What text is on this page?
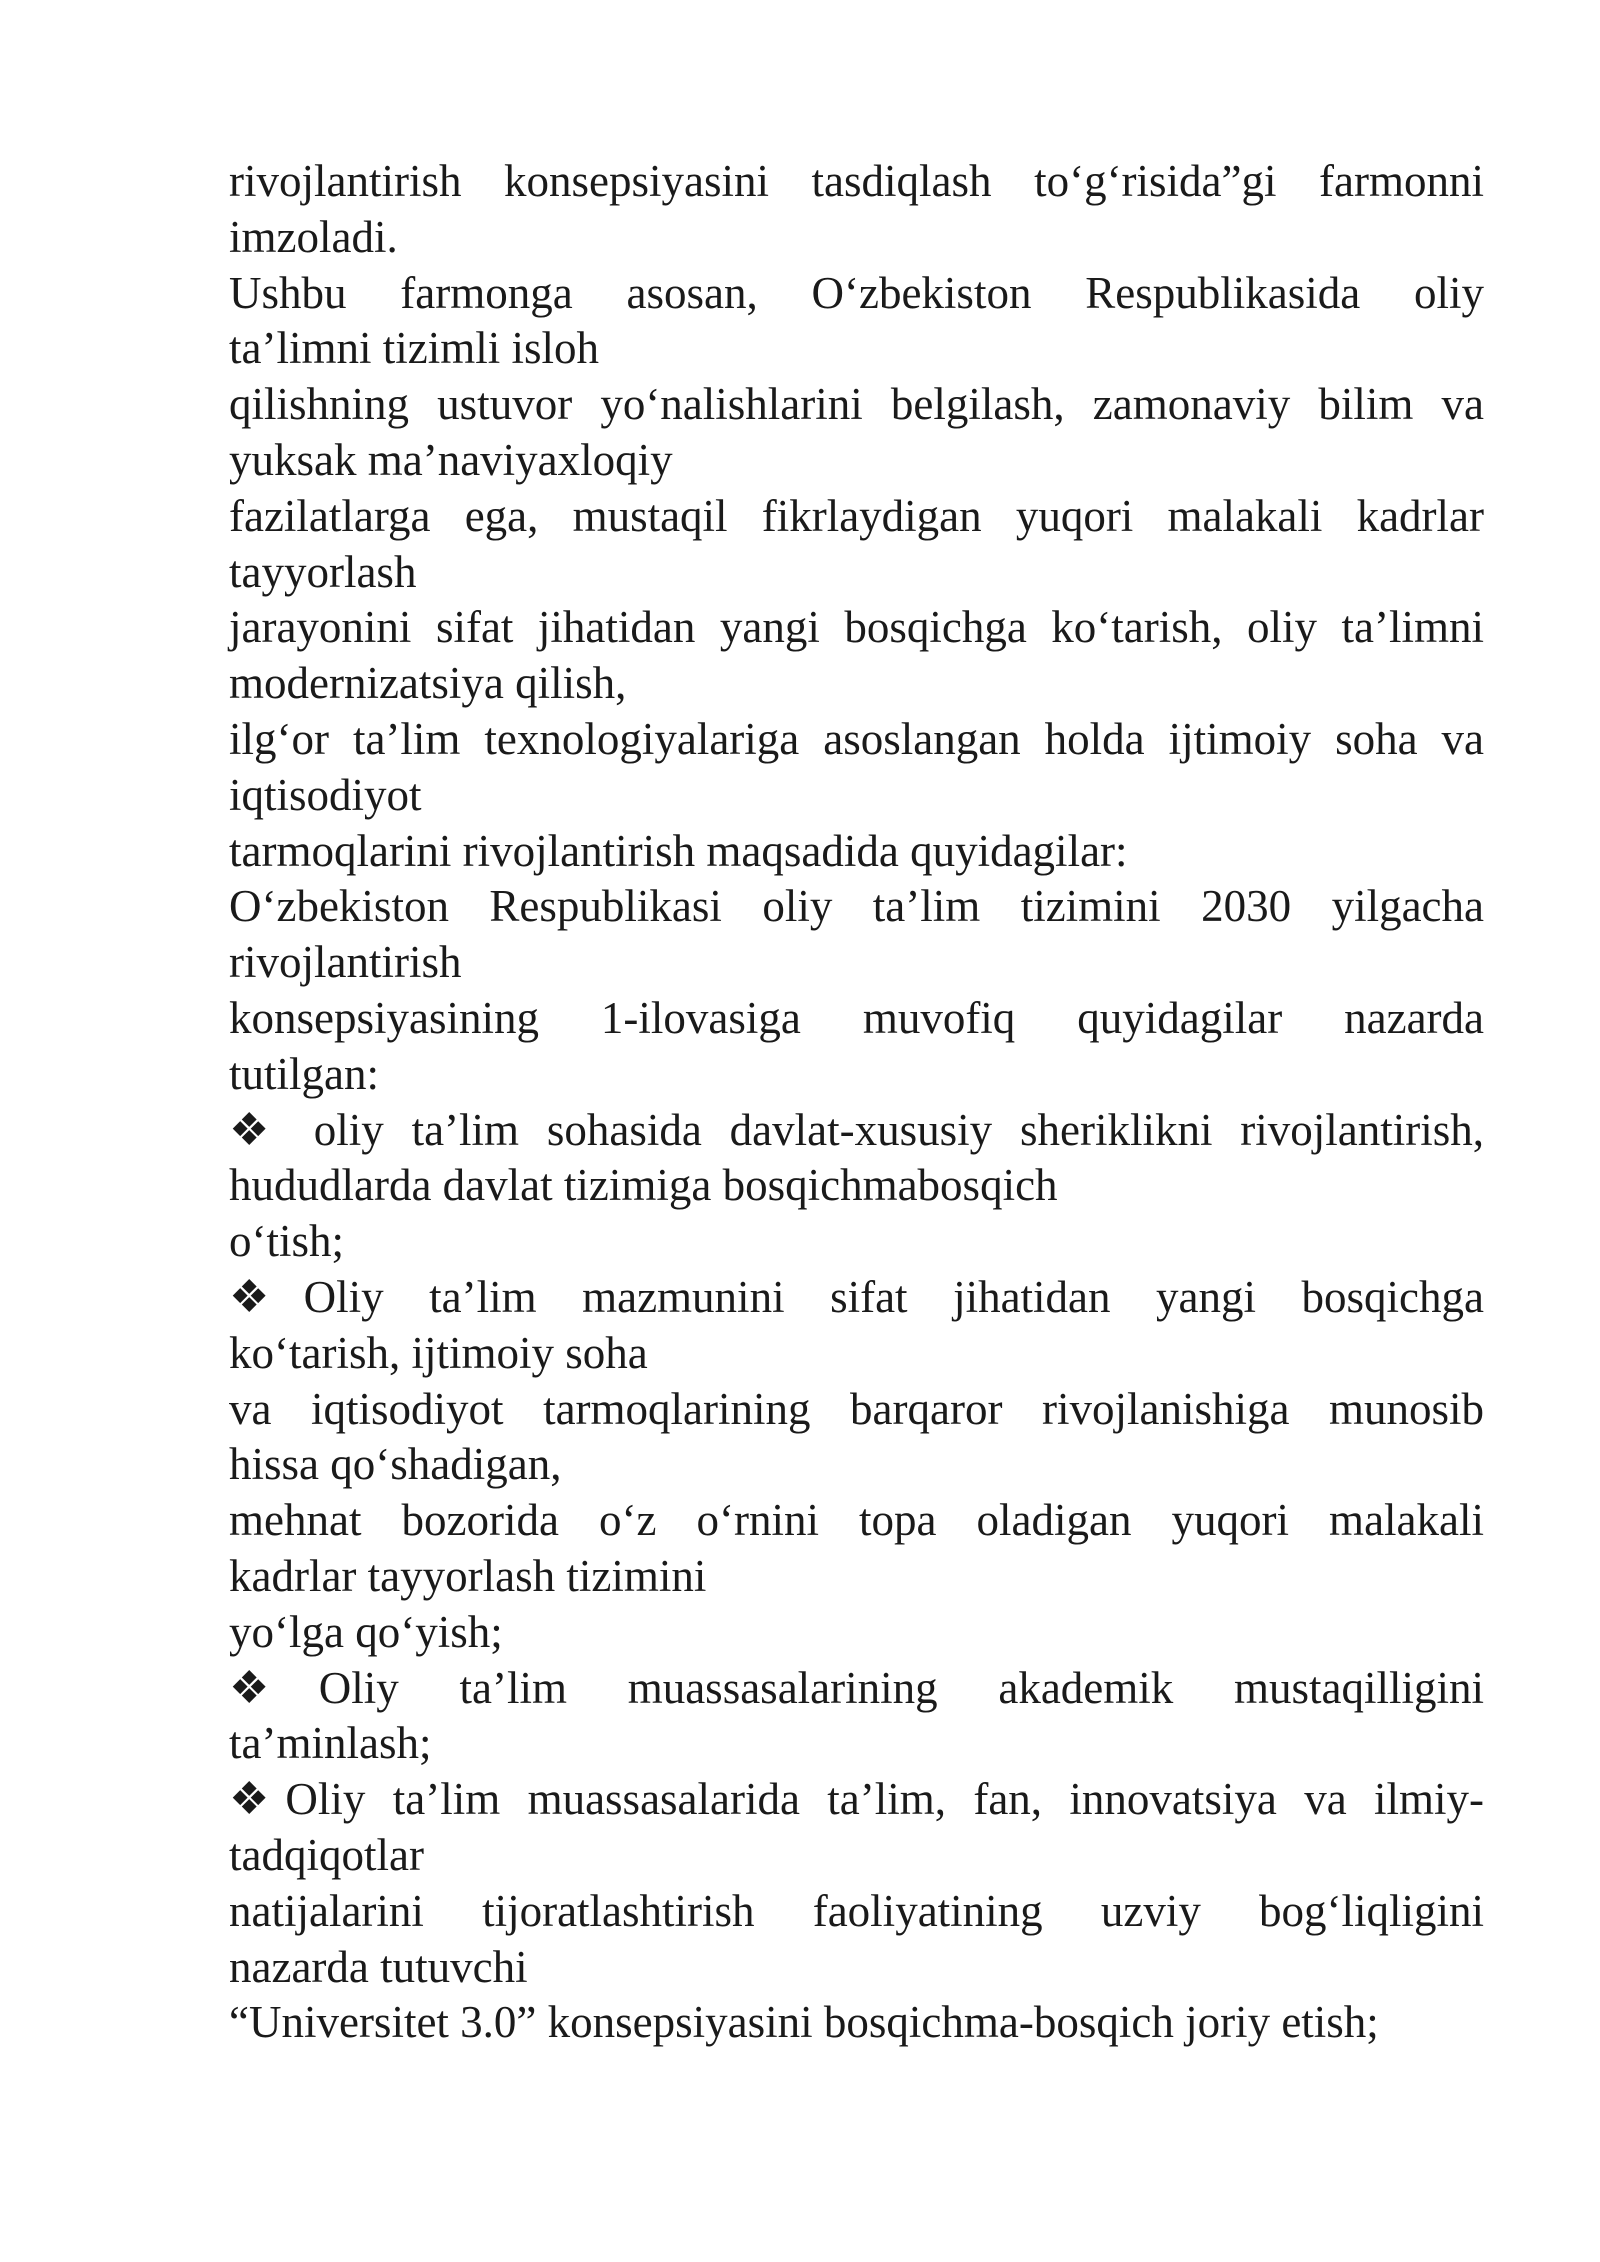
rivojlantirish konsepsiyasini tasdiqlash to‘g‘risida”gi farmonni
imzoladi.
Ushbu farmonga asosan, O‘zbekiston Respublikasida oliy
ta’limni tizimli isloh
qilishning ustuvor yo‘nalishlarini belgilash, zamonaviy bilim va
yuksak ma’naviyaxloqiy
fazilatlarga ega, mustaqil fikrlaydigan yuqori malakali kadrlar
tayyorlash
jarayonini sifat jihatidan yangi bosqichga ko‘tarish, oliy ta’limni
modernizatsiya qilish,
ilg‘or ta’lim texnologiyalariga asoslangan holda ijtimoiy soha va
iqtisodiyot
tarmoqlarini rivojlantirish maqsadida quyidagilar:
O‘zbekiston Respublikasi oliy ta’lim tizimini 2030 yilgacha
rivojlantirish
konsepsiyasining 1-ilovasiga muvofiq quyidagilar nazarda
tutilgan:
❖ oliy ta’lim sohasida davlat-xususiy sheriklikni rivojlantirish,
hududlarda davlat tizimiga bosqichmabosqich
o‘tish;
❖Oliy ta’lim mazmunini sifat jihatidan yangi bosqichga
ko‘tarish, ijtimoiy soha
va iqtisodiyot tarmoqlarining barqaror rivojlanishiga munosib
hissa qo‘shadigan,
mehnat bozorida o‘z o‘rnini topa oladigan yuqori malakali
kadrlar tayyorlash tizimini
yo‘lga qo‘yish;
❖Oliy ta’lim muassasalarining akademik mustaqilligini
ta’minlash;
❖Oliy ta’lim muassasalarida ta’lim, fan, innovatsiya va ilmiy-
tadqiqotlar
natijalarini tijoratlashtirish faoliyatining uzviy bog‘liqligini
nazarda tutuvchi
“Universitet 3.0” konsepsiyasini bosqichma-bosqich joriy etish;
